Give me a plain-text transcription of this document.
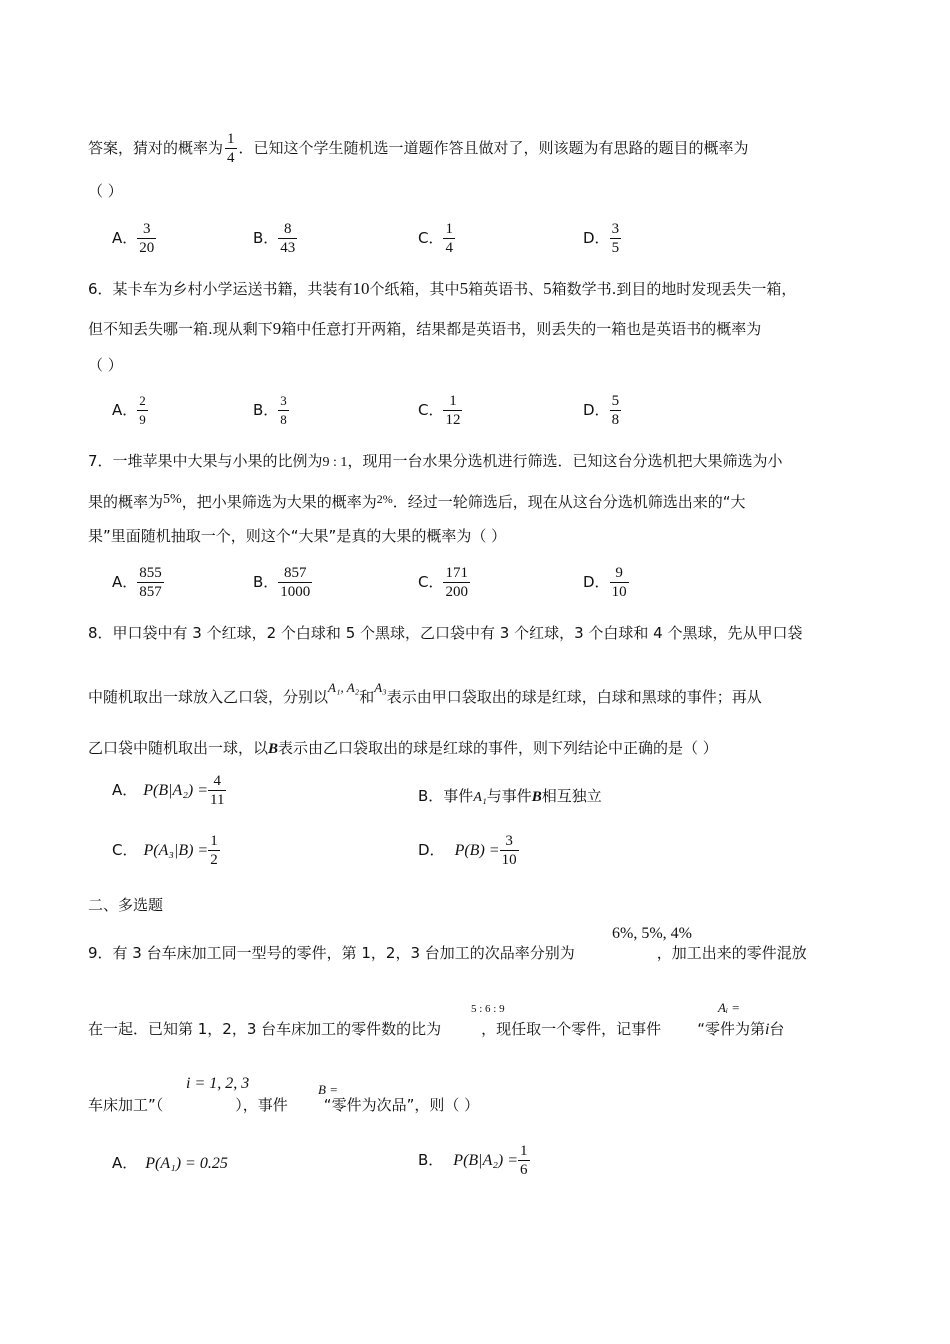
答案，猜对的概率为 $\frac{1}{4}$ ．已知这个学生随机选一道题作答且做对了，则该题为有思路的题目的概率为
（ ）
A． $\frac{3}{20}$	B． $\frac{8}{43}$	C． $\frac{1}{4}$	D． $\frac{3}{5}$
6．某卡车为乡村小学运送书籍，共装有10个纸箱，其中5箱英语书、5箱数学书.到目的地时发现丢失一箱，
但不知丢失哪一箱.现从剩下9箱中任意打开两箱，结果都是英语书，则丢失的一箱也是英语书的概率为
（ ）
A． $\frac{2}{9}$	B． $\frac{3}{8}$	C． $\frac{1}{12}$	D． $\frac{5}{8}$
7．一堆苹果中大果与小果的比例为9 : 1，现用一台水果分选机进行筛选．已知这台分选机把大果筛选为小
果的概率为5%，把小果筛选为大果的概率为$^{2\%}$．经过一轮筛选后，现在从这台分选机筛选出来的“大
果”里面随机抽取一个，则这个“大果”是真的大果的概率为（ ）
A． $\frac{855}{857}$	B． $\frac{857}{1000}$	C． $\frac{171}{200}$	D． $\frac{9}{10}$
8．甲口袋中有 3 个红球，2 个白球和 5 个黑球，乙口袋中有 3 个红球，3 个白球和 4 个黑球，先从甲口袋
中随机取出一球放入乙口袋，分别以A₁, A₂和A₃表示由甲口袋取出的球是红球，白球和黑球的事件；再从
乙口袋中随机取出一球，以B表示由乙口袋取出的球是红球的事件，则下列结论中正确的是（ ）
A． $P(B|A_2) = \frac{4}{11}$	B．事件A₁与事件B相互独立
C． $P(A_3|B) = \frac{1}{2}$	D． $P(B) = \frac{3}{10}$
二、多选题
6%, 5%, 4%
9．有 3 台车床加工同一型号的零件，第 1，2，3 台加工的次品率分别为	，加工出来的零件混放
5 : 6 : 9	Aᵢ =
在一起．已知第 1，2，3 台车床加工的零件数的比为	，现任取一个零件，记事件 “零件为第i台
i = 1, 2, 3	B =
车床加工”（	），事件 “零件为次品”，则（ ）
A． P(A₁) = 0.25	B． $P(B|A_2) = \frac{1}{6}$
